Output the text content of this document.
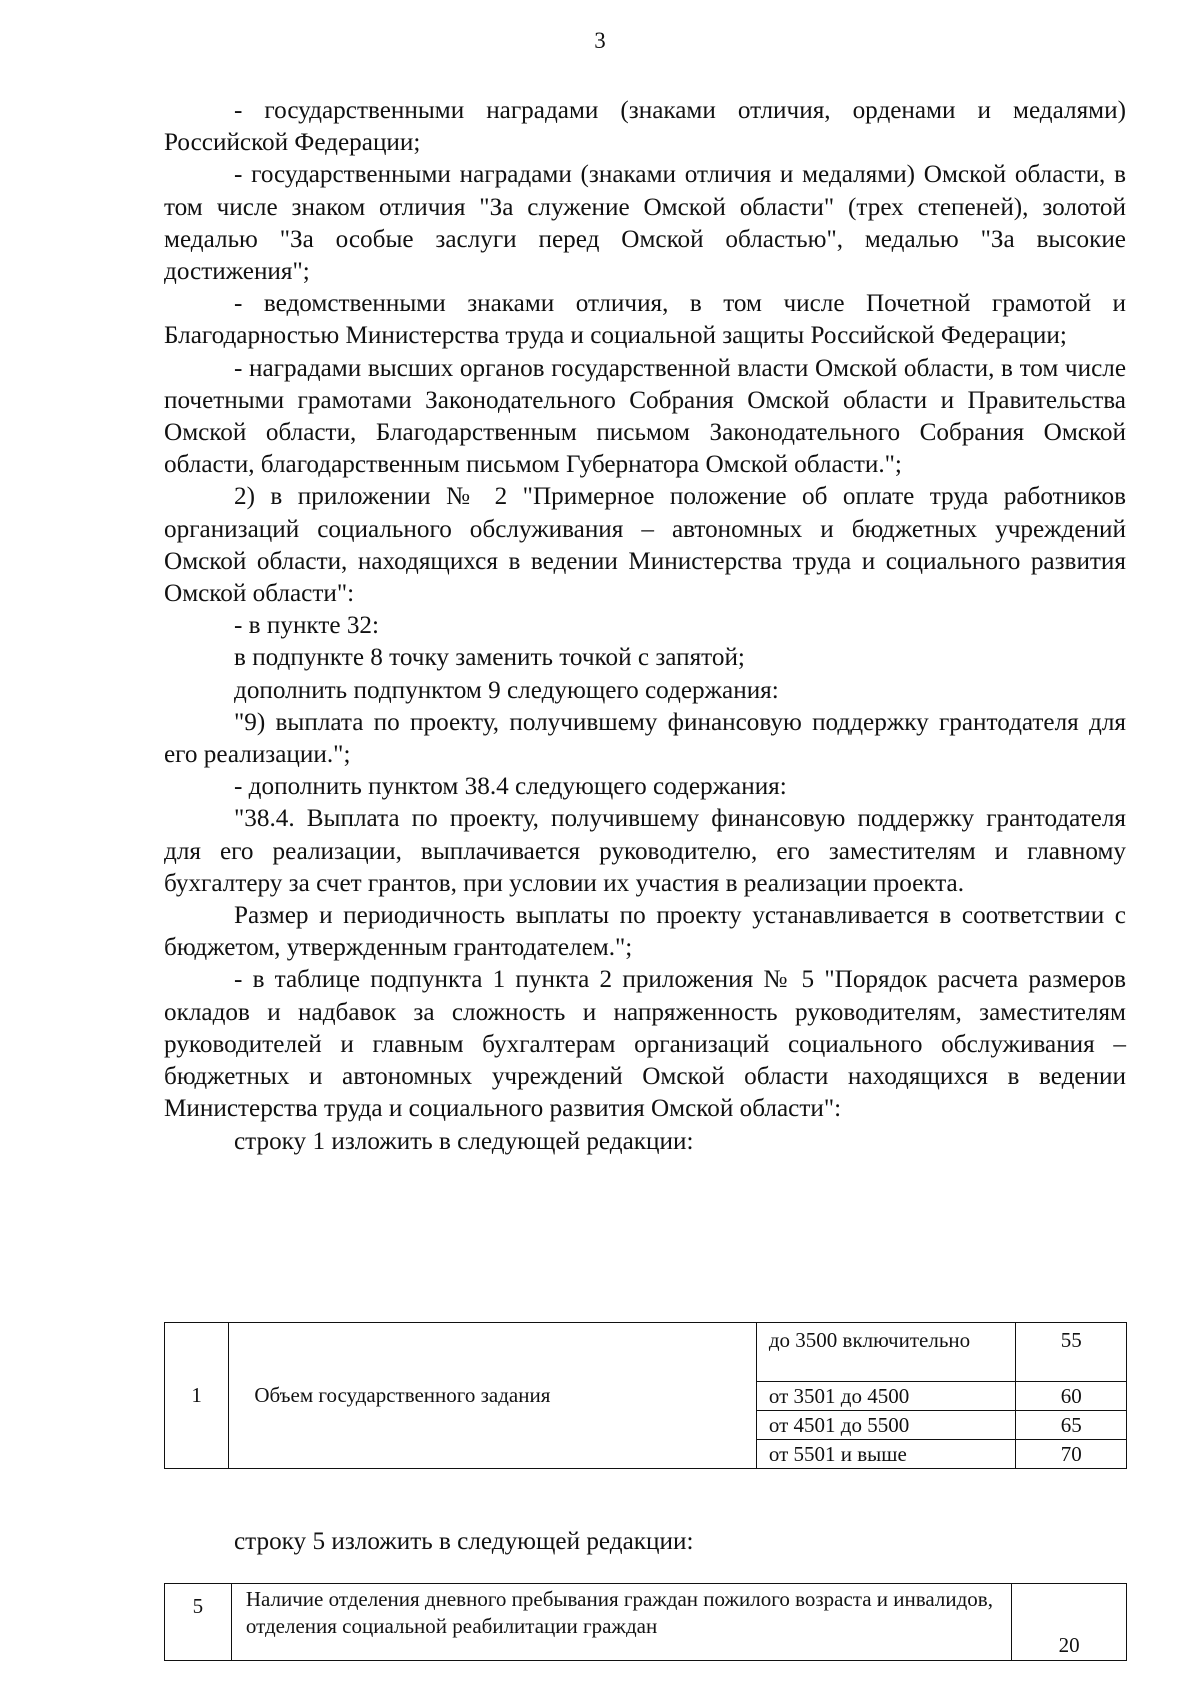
3

- государственными наградами (знаками отличия, орденами и медалями) Российской Федерации;

- государственными наградами (знаками отличия и медалями) Омской области, в том числе знаком отличия "За служение Омской области" (трех степеней), золотой медалью "За особые заслуги перед Омской областью", медалью "За высокие достижения";

- ведомственными знаками отличия, в том числе Почетной грамотой и Благодарностью Министерства труда и социальной защиты Российской Федерации;

- наградами высших органов государственной власти Омской области, в том числе почетными грамотами Законодательного Собрания Омской области и Правительства Омской области, Благодарственным письмом Законодательного Собрания Омской области, благодарственным письмом Губернатора Омской области.";

2) в приложении № 2 "Примерное положение об оплате труда работников организаций социального обслуживания – автономных и бюджетных учреждений Омской области, находящихся в ведении Министерства труда и социального развития Омской области":

- в пункте 32:

в подпункте 8 точку заменить точкой с запятой;

дополнить подпунктом 9 следующего содержания:

"9) выплата по проекту, получившему финансовую поддержку грантодателя для его реализации.";

- дополнить пунктом 38.4 следующего содержания:

"38.4. Выплата по проекту, получившему финансовую поддержку грантодателя для его реализации, выплачивается руководителю, его заместителям и главному бухгалтеру за счет грантов, при условии их участия в реализации проекта.

Размер и периодичность выплаты по проекту устанавливается в соответствии с бюджетом, утвержденным грантодателем.";

- в таблице подпункта 1 пункта 2 приложения № 5 "Порядок расчета размеров окладов и надбавок за сложность и напряженность руководителям, заместителям руководителей и главным бухгалтерам организаций социального обслуживания – бюджетных и автономных учреждений Омской области находящихся в ведении Министерства труда и социального развития Омской области":

строку 1 изложить в следующей редакции:

1	Объем государственного задания	до 3500 включительно	55
		от 3501 до 4500	60
		от 4501 до 5500	65
		от 5501 и выше	70
строку 5 изложить в следующей редакции:
5	Наличие отделения дневного пребывания граждан пожилого возраста и инвалидов, отделения социальной реабилитации граждан	20
